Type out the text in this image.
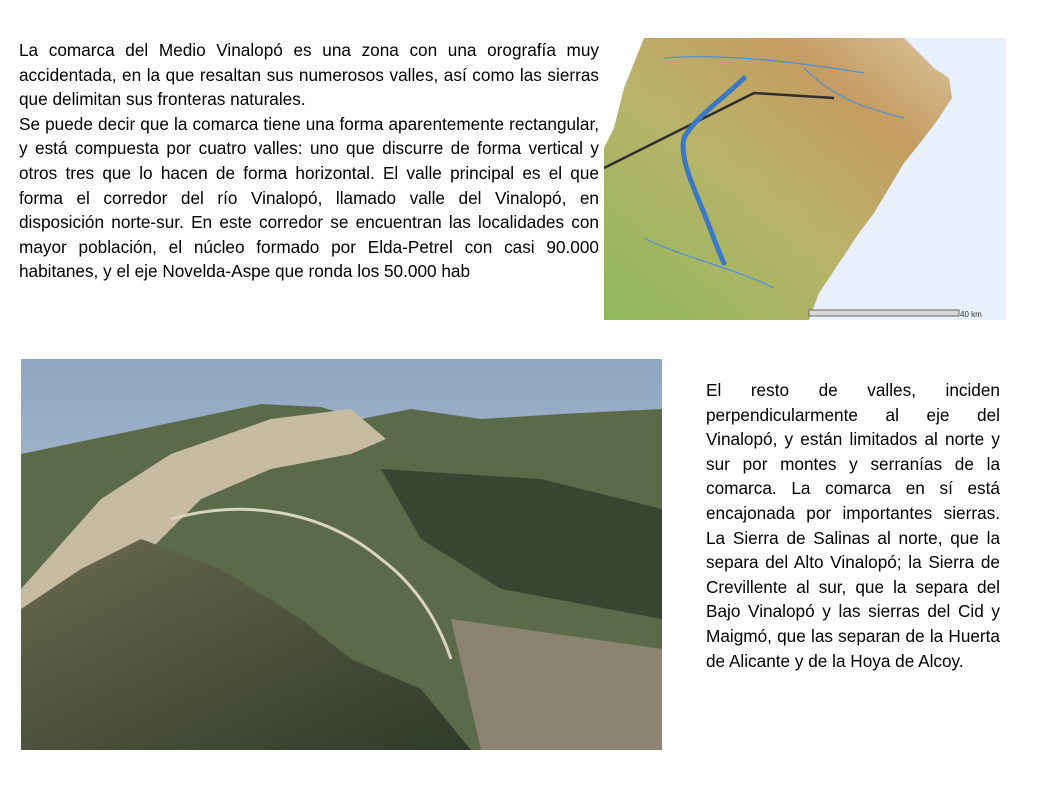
La comarca del Medio Vinalopó es una zona con una orografía muy accidentada, en la que resaltan sus numerosos valles, así como las sierras que delimitan sus fronteras naturales.

Se puede decir que la comarca tiene una forma aparentemente rectangular, y está compuesta por cuatro valles: uno que discurre de forma vertical y otros tres que lo hacen de forma horizontal. El valle principal es el que forma el corredor del río Vinalopó, llamado valle del Vinalopó, en disposición norte-sur. En este corredor se encuentran las localidades con mayor población, el núcleo formado por Elda-Petrel con casi 90.000 habitanes, y el eje Novelda-Aspe que ronda los 50.000 hab

40 km

El resto de valles, inciden perpendicularmente al eje del Vinalopó, y están limitados al norte y sur por montes y serranías de la comarca. La comarca en sí está encajonada por importantes sierras. La Sierra de Salinas al norte, que la separa del Alto Vinalopó; la Sierra de Crevillente al sur, que la separa del Bajo Vinalopó y las sierras del Cid y Maigmó, que las separan de la Huerta de Alicante y de la Hoya de Alcoy.
